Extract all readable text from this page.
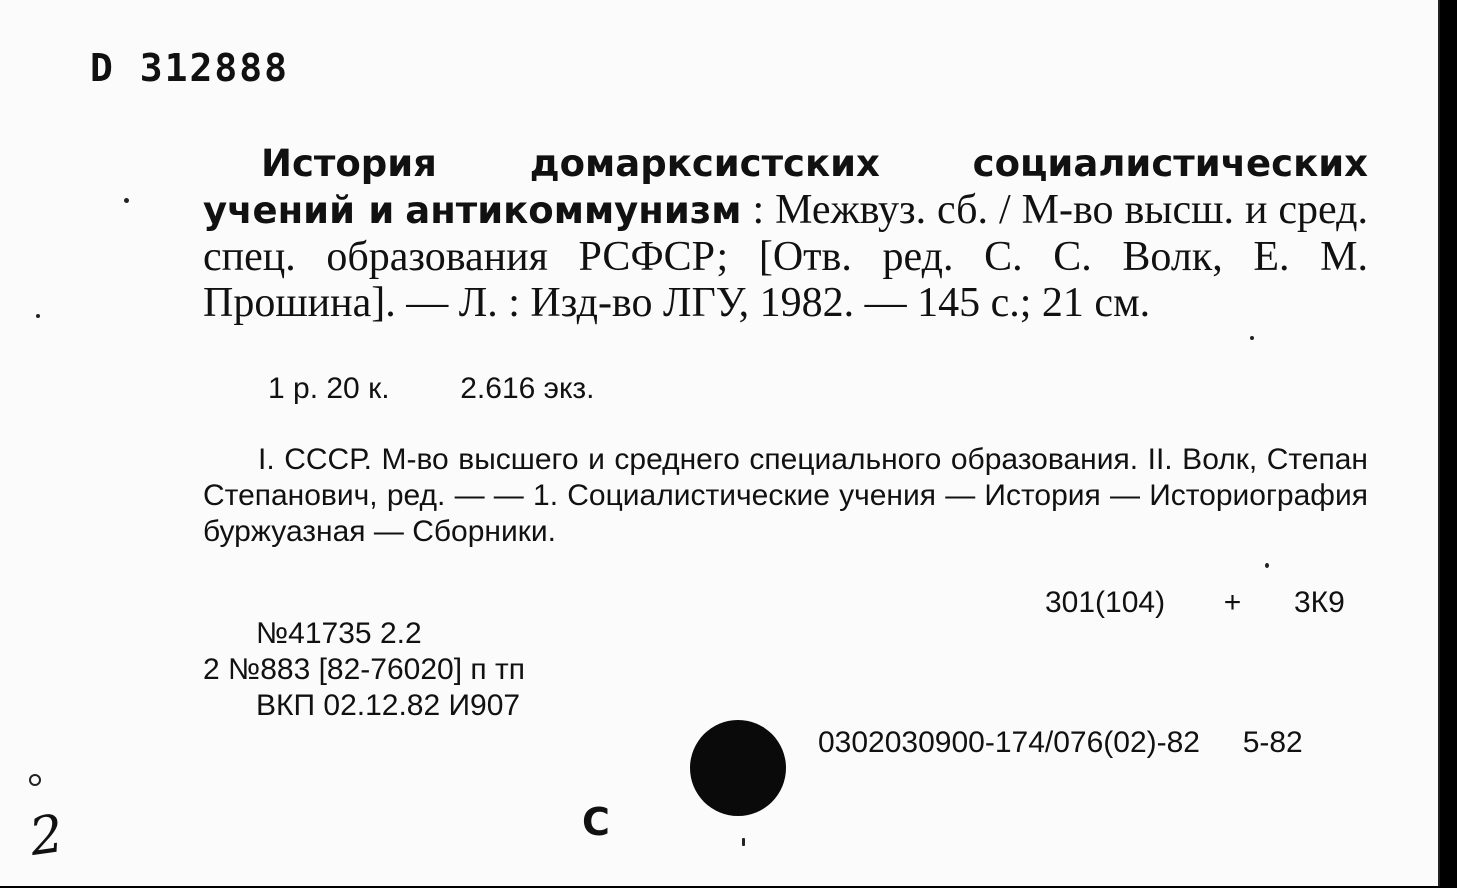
D 312888
История домарксистских социалистических учений и антикоммунизм : Межвуз. сб. / М-во высш. и сред. спец. образования РСФСР; [Отв. ред. С. С. Волк, Е. М. Прошина]. — Л. : Изд-во ЛГУ, 1982. — 145 с.; 21 см.
1 р. 20 к. 2.616 экз.
I. СССР. М-во высшего и среднего специального образования. II. Волк, Степан Степанович, ред. — — 1. Социалистические учения — История — Историография буржуазная — Сборники.
301(104) + 3К9
№41735 2.2
2 №883 [82-76020] п тп
ВКП 02.12.82 И907
0302030900-174/076(02)-82 5-82
С
2
